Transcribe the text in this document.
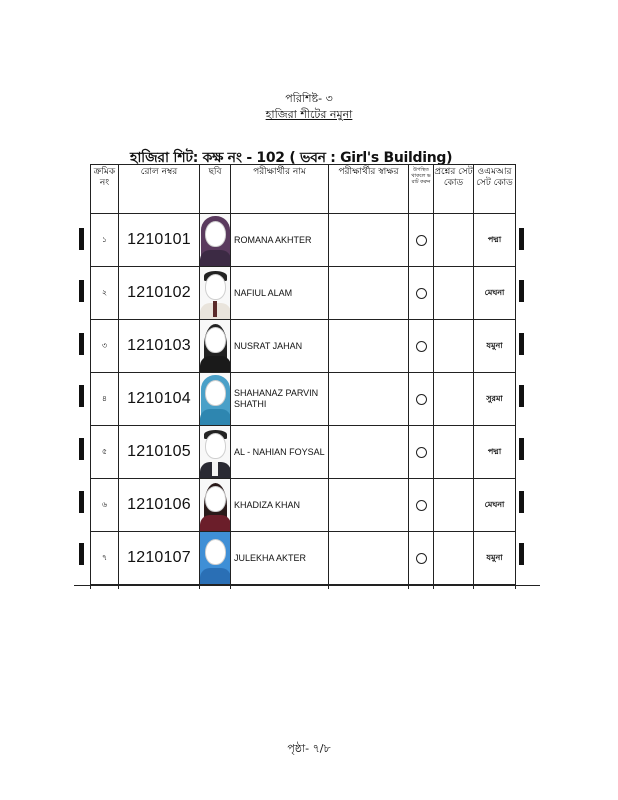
পরিশিষ্ট- ৩
হাজিরা শীটের নমুনা
হাজিরা শিট: কক্ষ নং - 102 ( ভবন : Girl's Building)
ক্রমিক নং	রোল নম্বর	ছবি	পরীক্ষার্থীর নাম	পরীক্ষার্থীর স্বাক্ষর	উপস্থিত থাকলে ভরাট করুন	প্রশ্নের সেট কোড	ওএমআর সেট কোড
১	1210101		ROMANA AKHTER				পদ্মা
২	1210102		NAFIUL ALAM				মেঘনা
৩	1210103		NUSRAT JAHAN				যমুনা
৪	1210104		SHAHANAZ PARVIN SHATHI				সুরমা
৫	1210105		AL - NAHIAN FOYSAL				পদ্মা
৬	1210106		KHADIZA KHAN				মেঘনা
৭	1210107		JULEKHA AKTER				যমুনা

পৃষ্ঠা- ৭/৮
